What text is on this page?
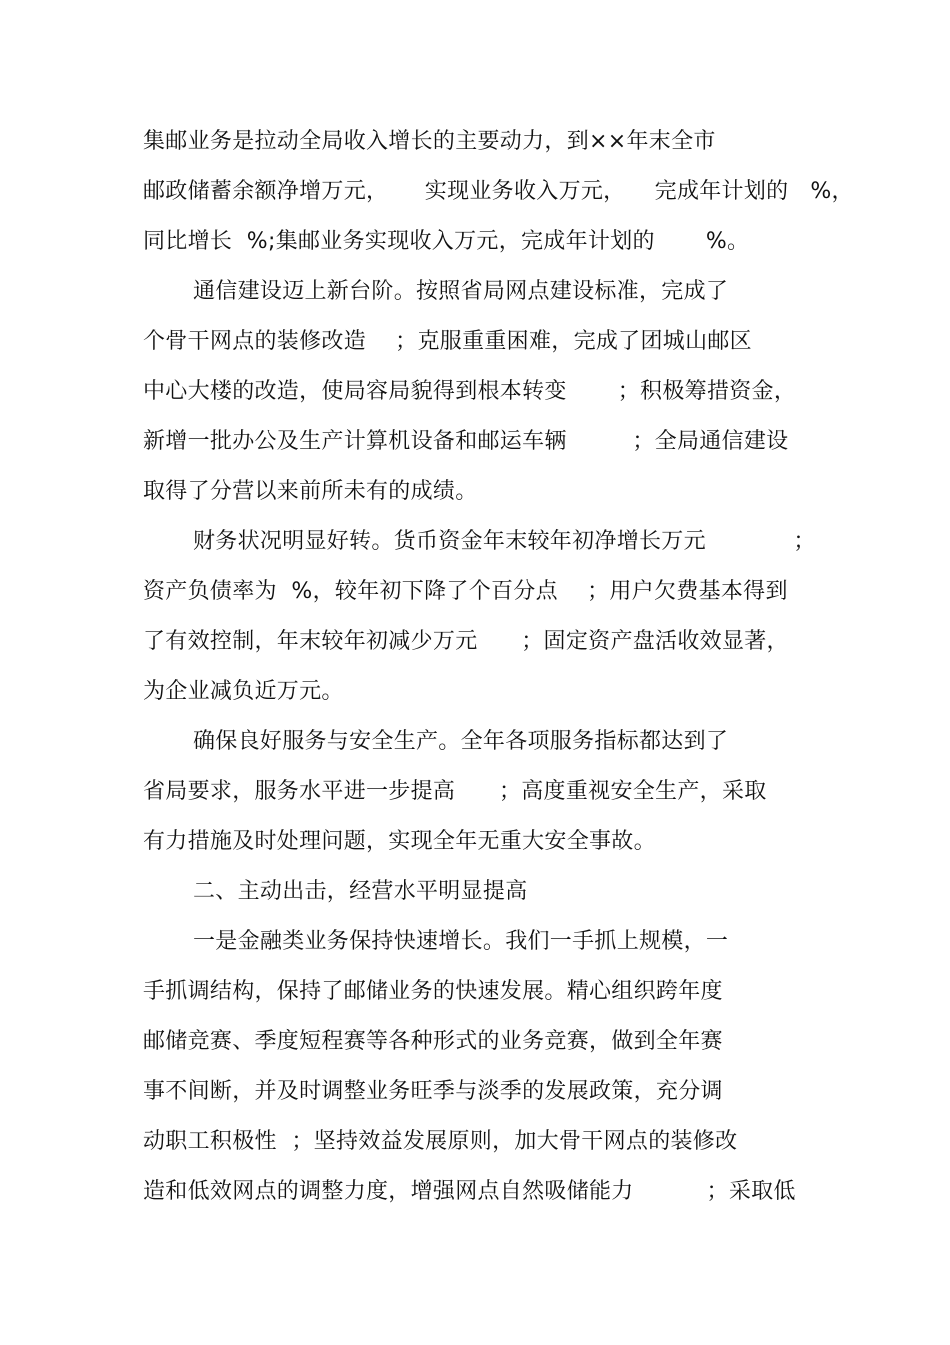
集邮业务是拉动全局收入增长的主要动力，到××年末全市
邮政储蓄余额净增万元，     实现业务收入万元，    完成年计划的   %，
同比增长  %;集邮业务实现收入万元，完成年计划的       %。
通信建设迈上新台阶。按照省局网点建设标准，完成了
个骨干网点的装修改造    ；克服重重困难，完成了团城山邮区
中心大楼的改造，使局容局貌得到根本转变       ；积极筹措资金，
新增一批办公及生产计算机设备和邮运车辆         ；全局通信建设
取得了分营以来前所未有的成绩。
财务状况明显好转。货币资金年末较年初净增长万元            ；
资产负债率为  %，较年初下降了个百分点    ；用户欠费基本得到
了有效控制，年末较年初减少万元      ；固定资产盘活收效显著，
为企业减负近万元。
确保良好服务与安全生产。全年各项服务指标都达到了
省局要求，服务水平进一步提高      ；高度重视安全生产，采取
有力措施及时处理问题，实现全年无重大安全事故。
二、主动出击，经营水平明显提高
一是金融类业务保持快速增长。我们一手抓上规模，一
手抓调结构，保持了邮储业务的快速发展。精心组织跨年度
邮储竞赛、季度短程赛等各种形式的业务竞赛，做到全年赛
事不间断，并及时调整业务旺季与淡季的发展政策，充分调
动职工积极性  ；坚持效益发展原则，加大骨干网点的装修改
造和低效网点的调整力度，增强网点自然吸储能力          ；采取低
